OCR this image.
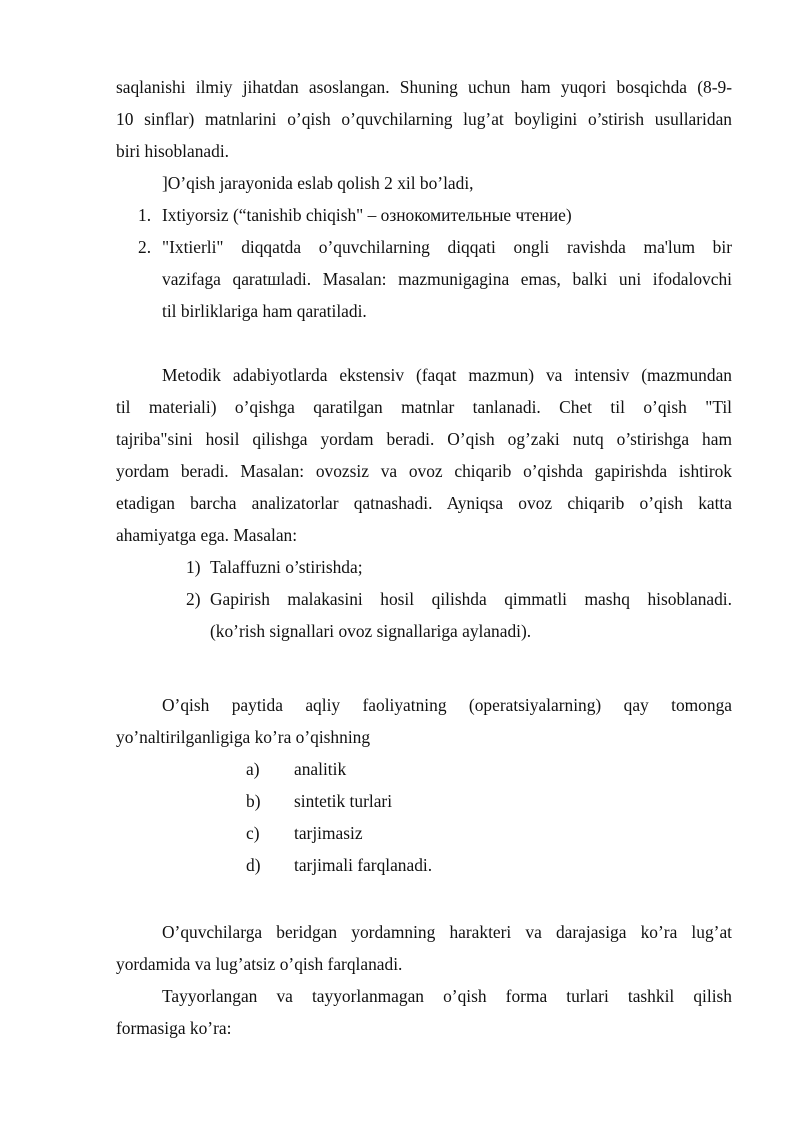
saqlanishi ilmiy jihatdan asoslangan. Shuning uchun ham yuqori bosqichda (8-9-
10 sinflar) matnlarini o’qish o’quvchilarning lug’at boyligini o’stirish usullaridan
biri hisoblanadi.
]O’qish jarayonida eslab qolish 2 xil bo’ladi,
1. Ixtiyorsiz (“tanishib chiqish" – ознокомительные чтение)
2. "Ixtierli" diqqatda o’quvchilarning diqqati ongli ravishda ma'lum bir
vazifaga qaratшladi. Masalan: mazmunigagina emas, balki uni ifodalovchi
til birliklariga ham qaratiladi.
Metodik adabiyotlarda ekstensiv (faqat mazmun) va intensiv (mazmundan
til materiali) o’qishga qaratilgan matnlar tanlanadi. Chet til o’qish "Til
tajriba"sini hosil qilishga yordam beradi. O’qish og’zaki nutq o’stirishga ham
yordam beradi. Masalan: ovozsiz va ovoz chiqarib o’qishda gapirishda ishtirok
etadigan barcha analizatorlar qatnashadi. Ayniqsa ovoz chiqarib o’qish katta
ahamiyatga ega. Masalan:
1) Talaffuzni o’stirishda;
2) Gapirish malakasini hosil qilishda qimmatli mashq hisoblanadi.
(ko’rish signallari ovoz signallariga aylanadi).
O’qish paytida aqliy faoliyatning (operatsiyalarning) qay tomonga
yo’naltirilganligiga ko’ra o’qishning
a) analitik
b) sintetik turlari
c) tarjimasiz
d) tarjimali farqlanadi.
O’quvchilarga beridgan yordamning harakteri va darajasiga ko’ra lug’at
yordamida va lug’atsiz o’qish farqlanadi.
Tayyorlangan va tayyorlanmagan o’qish forma turlari tashkil qilish
formasiga ko’ra:
